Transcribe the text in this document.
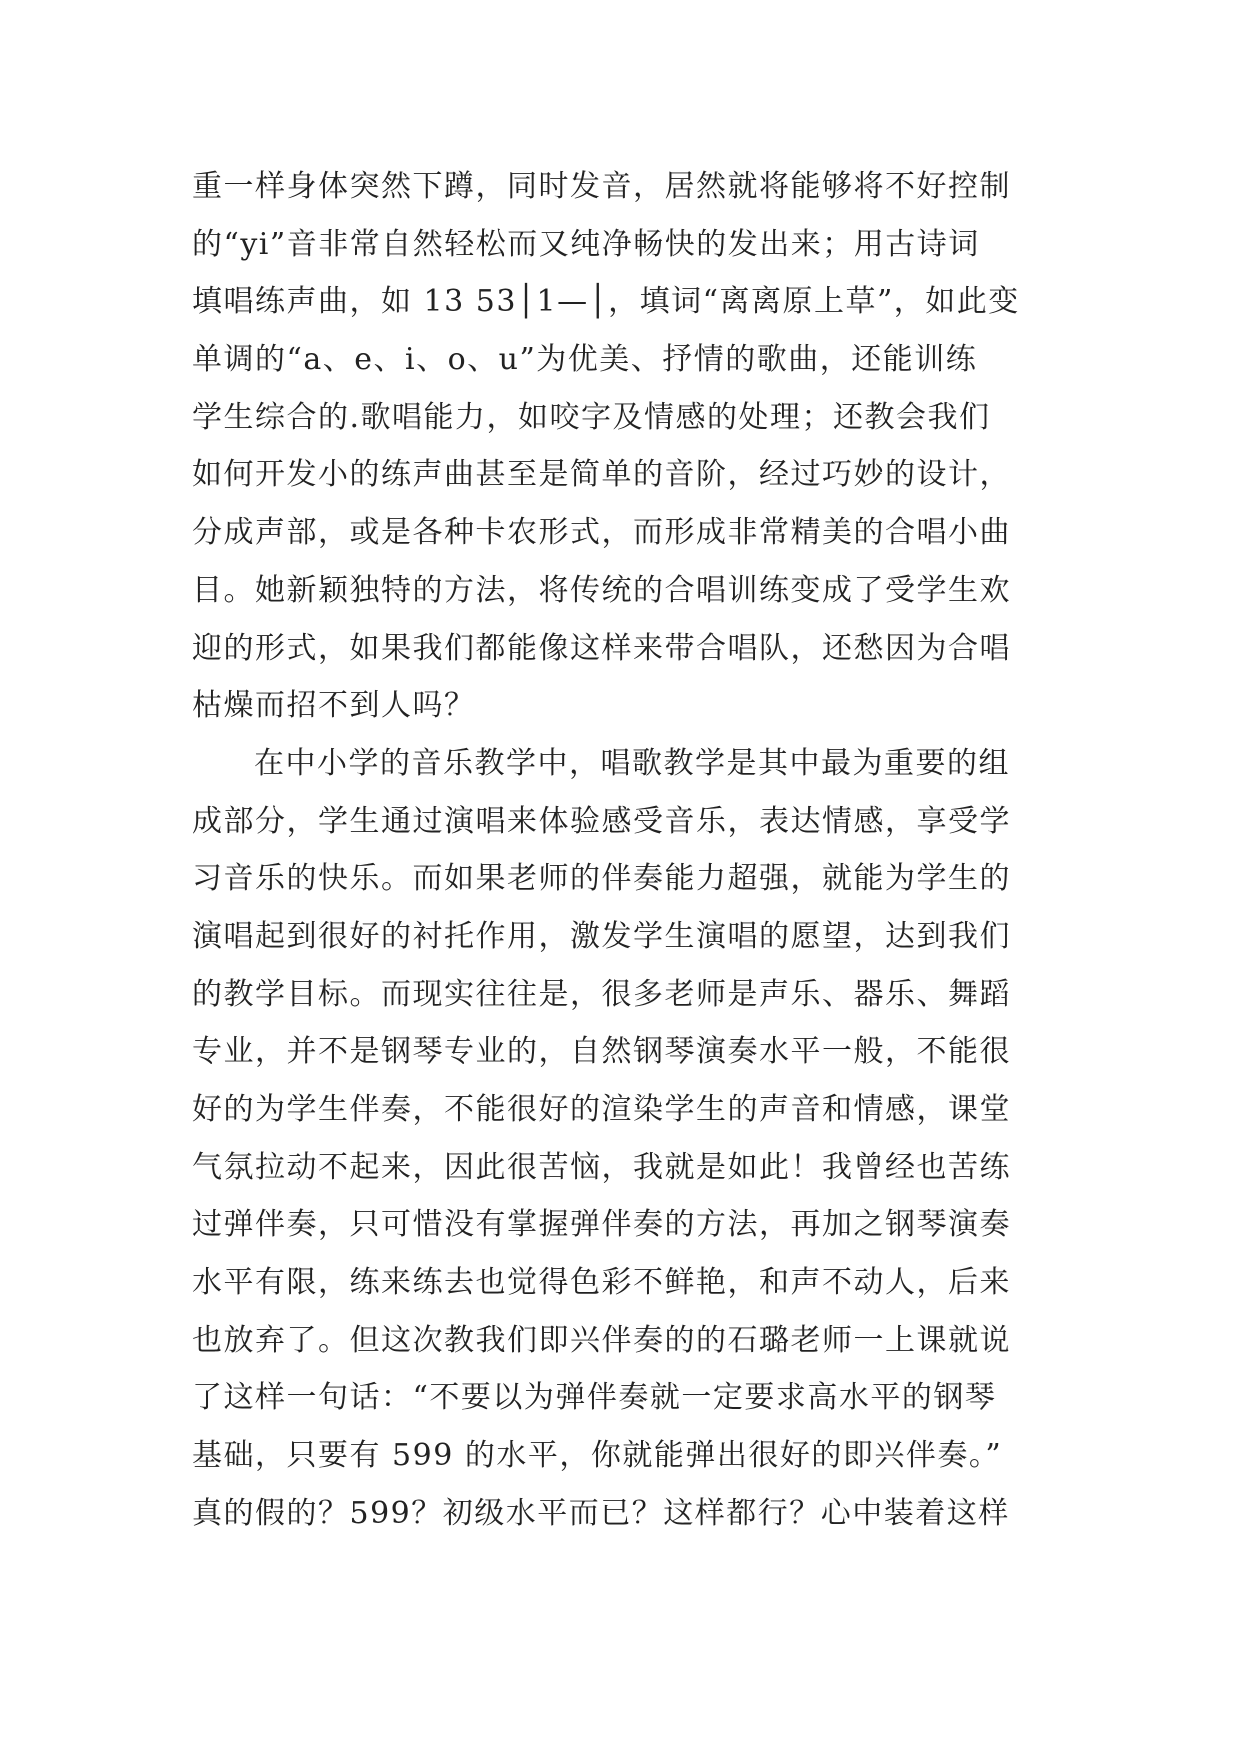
重一样身体突然下蹲，同时发音，居然就将能够将不好控制
的“yi”音非常自然轻松而又纯净畅快的发出来；用古诗词
填唱练声曲，如 13 53│1—│，填词“离离原上草”，如此变
单调的“a、e、i、o、u”为优美、抒情的歌曲，还能训练
学生综合的.歌唱能力，如咬字及情感的处理；还教会我们
如何开发小的练声曲甚至是简单的音阶，经过巧妙的设计，
分成声部，或是各种卡农形式，而形成非常精美的合唱小曲
目。她新颖独特的方法，将传统的合唱训练变成了受学生欢
迎的形式，如果我们都能像这样来带合唱队，还愁因为合唱
枯燥而招不到人吗？
在中小学的音乐教学中，唱歌教学是其中最为重要的组
成部分，学生通过演唱来体验感受音乐，表达情感，享受学
习音乐的快乐。而如果老师的伴奏能力超强，就能为学生的
演唱起到很好的衬托作用，激发学生演唱的愿望，达到我们
的教学目标。而现实往往是，很多老师是声乐、器乐、舞蹈
专业，并不是钢琴专业的，自然钢琴演奏水平一般，不能很
好的为学生伴奏，不能很好的渲染学生的声音和情感，课堂
气氛拉动不起来，因此很苦恼，我就是如此！我曾经也苦练
过弹伴奏，只可惜没有掌握弹伴奏的方法，再加之钢琴演奏
水平有限，练来练去也觉得色彩不鲜艳，和声不动人，后来
也放弃了。但这次教我们即兴伴奏的的石璐老师一上课就说
了这样一句话：“不要以为弹伴奏就一定要求高水平的钢琴
基础，只要有 599 的水平，你就能弹出很好的即兴伴奏。”
真的假的？599？初级水平而已？这样都行？心中装着这样
